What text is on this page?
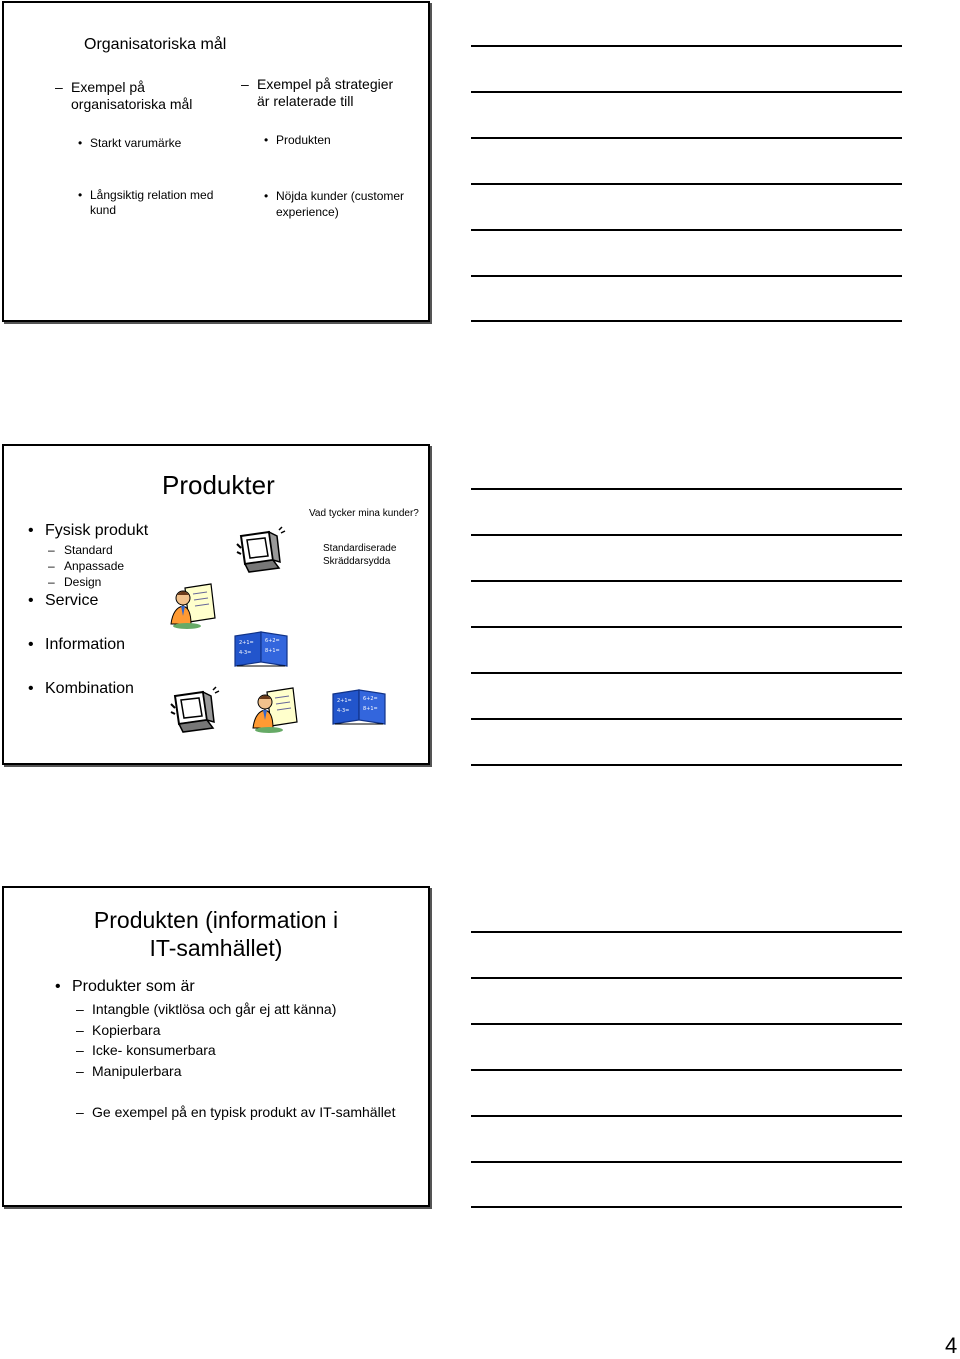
Organisatoriska mål
– Exempel på
organisatoriska mål
– Exempel på strategier
är relaterade till
• Starkt varumärke
• Långsiktig relation med
kund
• Produkten
• Nöjda kunder (customer
experience)
Produkter
• Fysisk produkt
– Standard
– Anpassade
– Design
• Service
• Information
• Kombination
Vad tycker mina kunder?
Standardiserade
Skräddarsydda
2+1=
4-3=
6+2=
8+1=
2+1=
4-3=
6+2=
8+1=
Produkten (information i
IT-samhället)
• Produkter som är
– Intangble (viktlösa och går ej att känna)
– Kopierbara
– Icke- konsumerbara
– Manipulerbara
– Ge exempel på en typisk produkt av IT-samhället
4
